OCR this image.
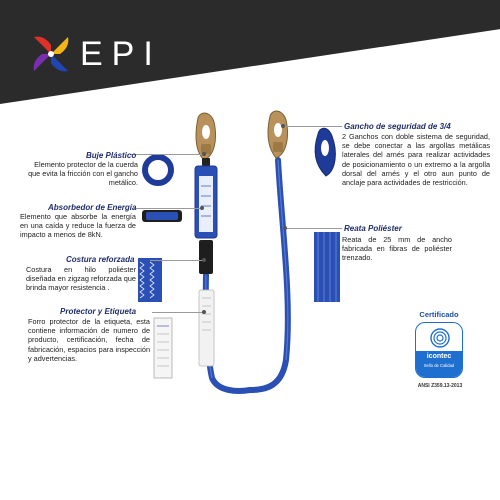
EPI
Buje Plástico
Elemento protector de la cuerda que evita la fricción con el gancho metálico.
Absorbedor de Energía
Elemento que absorbe la energía en una caída y reduce la fuerza de impacto a menos de 8kN.
Costura reforzada
Costura en hilo poliéster diseñada en zigzag reforzada que brinda mayor resistencia .
Protector y Etiqueta
Forro protector de la etiqueta, esta contiene información de numero de producto, certificación, fecha de fabricación, espacios para inspección y advertencias.
Gancho de seguridad de 3/4
2 Ganchos con doble sistema de seguridad, se debe conectar a las argollas metálicas laterales del arnés para realizar actividades de posicionamiento o un extremo a la argolla dorsal del arnés y el otro aun punto de anclaje para actividades de restricción.
Reata Poliéster
Reata de 25 mm de ancho fabricada en fibras de poliéster trenzado.
Certificado
icontec
Sello de Calidad
ANSI Z359.13-2013
